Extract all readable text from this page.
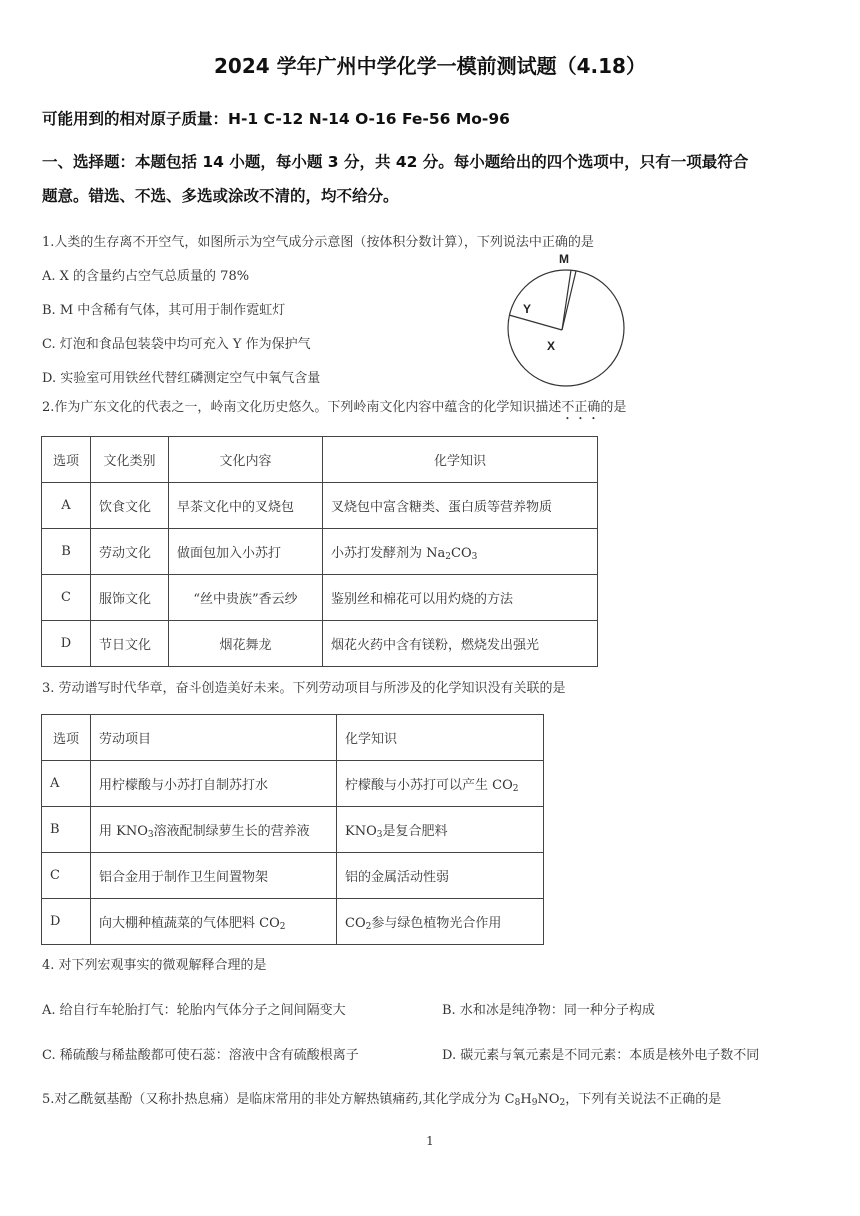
2024 学年广州中学化学一模前测试题（4.18）
可能用到的相对原子质量：H-1 C-12 N-14 O-16 Fe-56 Mo-96
一、选择题：本题包括 14 小题，每小题 3 分，共 42 分。每小题给出的四个选项中，只有一项最符合
题意。错选、不选、多选或涂改不清的，均不给分。
1.人类的生存离不开空气，如图所示为空气成分示意图（按体积分数计算），下列说法中正确的是
A. X 的含量约占空气总质量的 78%
B. M 中含稀有气体，其可用于制作霓虹灯
C. 灯泡和食品包装袋中均可充入 Y 作为保护气
D. 实验室可用铁丝代替红磷测定空气中氧气含量
M
Y
X
2.作为广东文化的代表之一，岭南文化历史悠久。下列岭南文化内容中蕴含的化学知识描述不正确的是
选项	文化类别	文化内容	化学知识
A	饮食文化	早茶文化中的叉烧包	叉烧包中富含糖类、蛋白质等营养物质
B	劳动文化	做面包加入小苏打	小苏打发酵剂为 $Na_2CO_3$
C	服饰文化	“丝中贵族”香云纱	鉴别丝和棉花可以用灼烧的方法
D	节日文化	烟花舞龙	烟花火药中含有镁粉，燃烧发出强光
3. 劳动谱写时代华章，奋斗创造美好未来。下列劳动项目与所涉及的化学知识没有关联的是
选项	劳动项目	化学知识
A	用柠檬酸与小苏打自制苏打水	柠檬酸与小苏打可以产生 $CO_2$
B	用 $KNO_3$溶液配制绿萝生长的营养液	$KNO_3$是复合肥料
C	铝合金用于制作卫生间置物架	铝的金属活动性弱
D	向大棚种植蔬菜的气体肥料 $CO_2$	$CO_2$参与绿色植物光合作用
4. 对下列宏观事实的微观解释合理的是
A. 给自行车轮胎打气：轮胎内气体分子之间间隔变大	B. 水和冰是纯净物：同一种分子构成
C. 稀硫酸与稀盐酸都可使石蕊：溶液中含有硫酸根离子	D. 碳元素与氧元素是不同元素：本质是核外电子数不同
5.对乙酰氨基酚（又称扑热息痛）是临床常用的非处方解热镇痛药,其化学成分为 $C_8H_9NO_2$，下列有关说法不正确的是
1
